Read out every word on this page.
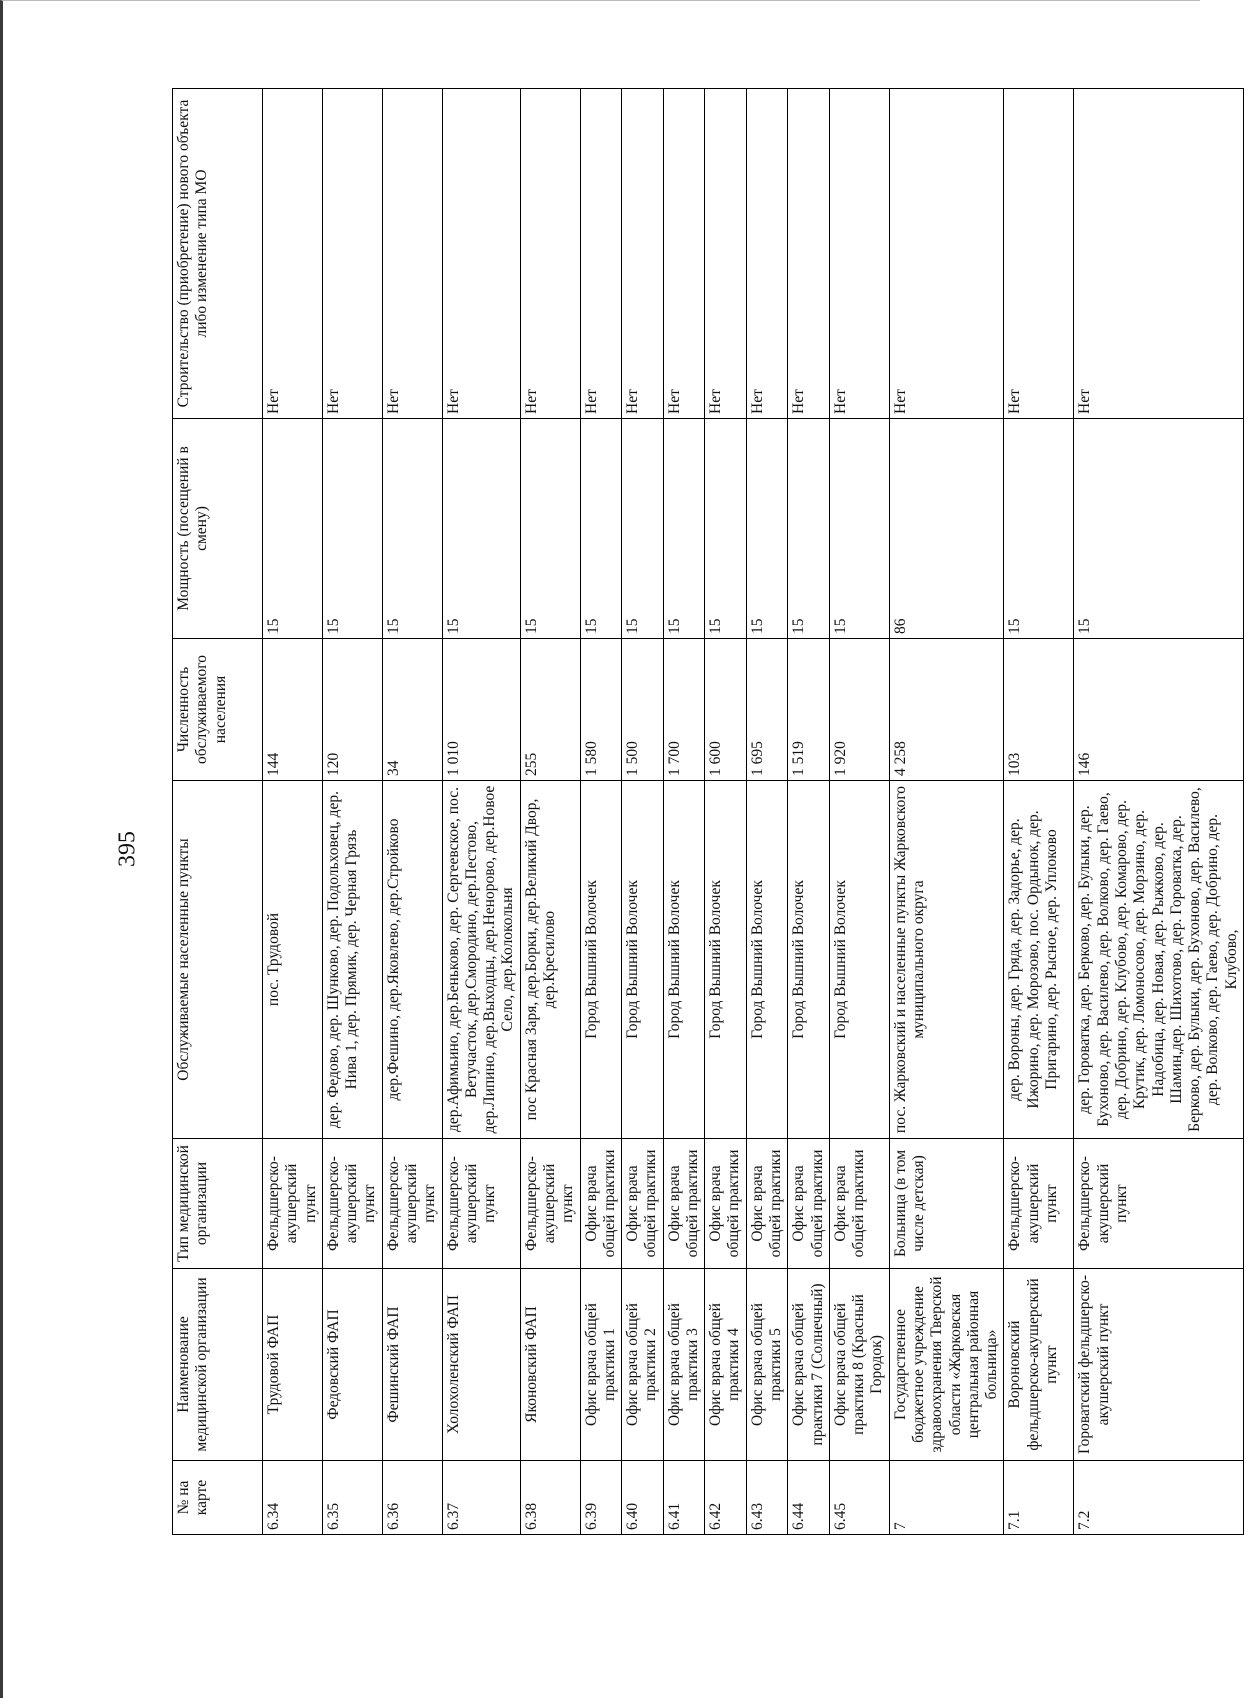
395
№ на карте	Наименование медицинской организации	Тип медицинской организации	Обслуживаемые населенные пункты	Численность обслуживаемого населения	Мощность (посещений в смену)	Строительство (приобретение) нового объекта либо изменение типа МО
6.34	Трудовой ФАП	Фельдшерско-акушерский пункт	пос. Трудовой	144	15	Нет
6.35	Федовский ФАП	Фельдшерско-акушерский пункт	дер. Федово, дер. Шунково, дер. Подольховец, дер. Нива 1, дер. Прямик, дер. Черная Грязь	120	15	Нет
6.36	Фешинский ФАП	Фельдшерско-акушерский пункт	дер.Фешино, дер.Яковлево, дер.Стройково	34	15	Нет
6.37	Холохоленский ФАП	Фельдшерско-акушерский пункт	дер.Афимьино, дер.Бeньково, дер. Сергеевское, пос. Ветучасток, дер.Смородино, дер.Пестово, дер.Липино, дер.Выходцы, дер.Ненорово, дер.Новое Село, дер.Колокольня	1 010	15	Нет
6.38	Яконовский ФАП	Фельдшерско-акушерский пункт	пос Красная Заря, дер.Борки, дер.Великий Двор, дер.Кресилово	255	15	Нет
6.39	Офис врача общей практики 1	Офис врача общей практики	Город Вышний Волочек	1 580	15	Нет
6.40	Офис врача общей практики 2	Офис врача общей практики	Город Вышний Волочек	1 500	15	Нет
6.41	Офис врача общей практики 3	Офис врача общей практики	Город Вышний Волочек	1 700	15	Нет
6.42	Офис врача общей практики 4	Офис врача общей практики	Город Вышний Волочек	1 600	15	Нет
6.43	Офис врача общей практики 5	Офис врача общей практики	Город Вышний Волочек	1 695	15	Нет
6.44	Офис врача общей практики 7 (Солнечный)	Офис врача общей практики	Город Вышний Волочек	1 519	15	Нет
6.45	Офис врача общей практики 8 (Красный Городок)	Офис врача общей практики	Город Вышний Волочек	1 920	15	Нет
7	Государственное бюджетное учреждение здравоохранения Тверской области «Жарковская центральная районная больница»	Больница (в том числе детская)	пос. Жарковский и населенные пункты Жарковского муниципального округа	4 258	86	Нет
7.1	Вороновский фельдшерско-акушерский пункт	Фельдшерско-акушерский пункт	дер. Вороны, дер. Гряда, дер. Задорье, дер. Ижорино, дер. Морозово, пос. Ордынок, дер. Пригарино, дер. Рысное, дер. Уплоково	103	15	Нет
7.2	Гороватский фельдшерско-акушерский пункт	Фельдшерско-акушерский пункт	дер. Гороватка, дер. Берково, дер. Булыки, дер. Бухоново, дер. Василево, дер. Волково, дер. Гаево, дер. Добрино, дер. Клубово, дер. Комарово, дер. Крутик, дер. Ломоносово, дер. Морзино, дер. Надобица, дер. Новая, дер. Рыжково, дер. Шамин,дер. Шихотово, дер. Гороватка, дер. Берково, дер. Булыки, дер. Бухоново, дер. Василево, дер. Волково, дер. Гаево, дер. Добрино, дер. Клубово,	146	15	Нет
